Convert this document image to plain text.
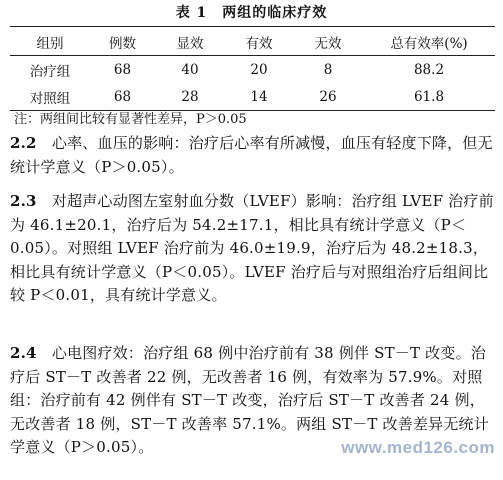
表 1　两组的临床疗效
组别	例数	显效	有效	无效	总有效率(%)
治疗组	68	40	20	8	88.2
对照组	68	28	14	26	61.8
注：两组间比较有显著性差异，P＞0.05
2.2　心率、血压的影响：治疗后心率有所减慢，血压有轻度下降，但无统计学意义（P＞0.05）。
2.3　对超声心动图左室射血分数（LVEF）影响：治疗组 LVEF 治疗前为 46.1±20.1，治疗后为 54.2±17.1，相比具有统计学意义（P＜0.05）。对照组 LVEF 治疗前为 46.0±19.9，治疗后为 48.2±18.3，相比具有统计学意义（P＜0.05）。LVEF 治疗后与对照组治疗后组间比较 P＜0.01，具有统计学意义。
2.4　心电图疗效：治疗组 68 例中治疗前有 38 例伴 ST－T 改变。治疗后 ST－T 改善者 22 例，无改善者 16 例，有效率为 57.9%。对照组：治疗前有 42 例伴有 ST－T 改变，治疗后 ST－T 改善者 24 例，无改善者 18 例，ST－T 改善率 57.1%。两组 ST－T 改善差异无统计学意义（P＞0.05）。	www.med126.com
